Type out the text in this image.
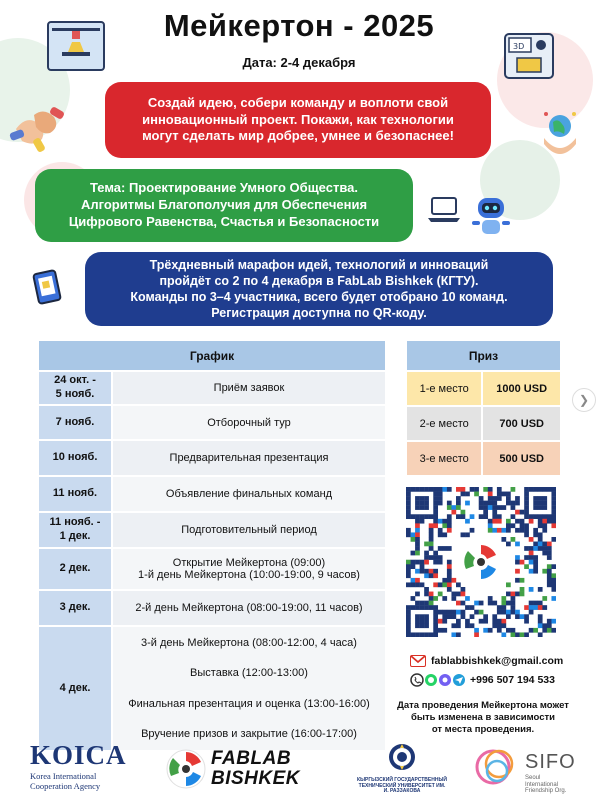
Мейкертон - 2025
Дата: 2-4 декабря
3D
Создай идею, собери команду и воплоти свой
инновационный проект. Покажи, как технологии
могут сделать мир добрее, умнее и безопаснее!
Тема: Проектирование Умного Общества.
Алгоритмы Благополучия для Обеспечения
Цифрового Равенства, Счастья и Безопасности
Трёхдневный марафон идей, технологий и инноваций
пройдёт со 2 по 4 декабря в FabLab Bishkek (КГТУ).
Команды по 3–4 участника, всего будет отобрано 10 команд.
Регистрация доступна по QR-коду.
График	

24 окт. -
5 нояб.	Приём заявок
7 нояб.	Отборочный тур
10 нояб.	Предварительная презентация
11 нояб.	Объявление финальных команд

11 нояб. -
1 дек.	Подготовительный период
2 дек.	Открытие Мейкертона (09:00)
1-й день Мейкертона (10:00-19:00, 9 часов)

3 дек.	2-й день Мейкертона (08:00-19:00, 11 часов)
4 дек.	3-й день Мейкертона (08:00-12:00, 4 часа)
Выставка (12:00-13:00)
Финальная презентация и оценка (13:00-16:00)
Вручение призов и закрытие (16:00-17:00)
Приз	
1-е место	1000 USD
2-е место	700 USD
3-е место	500 USD
fablabbishkek@gmail.com
+996 507 194 533
Дата проведения Мейкертона может
быть изменена в зависимости
от места проведения.
KOICA
Korea International
Cooperation Agency
FABLAB
BISHKEK	КЫРГЫЗСКИЙ ГОСУДАРСТВЕННЫЙ ТЕХНИЧЕСКИЙ УНИВЕРСИТЕТ ИМ. И. РАЗЗАКОВА
SIFO
Seoul International
Friendship Org.
❯
